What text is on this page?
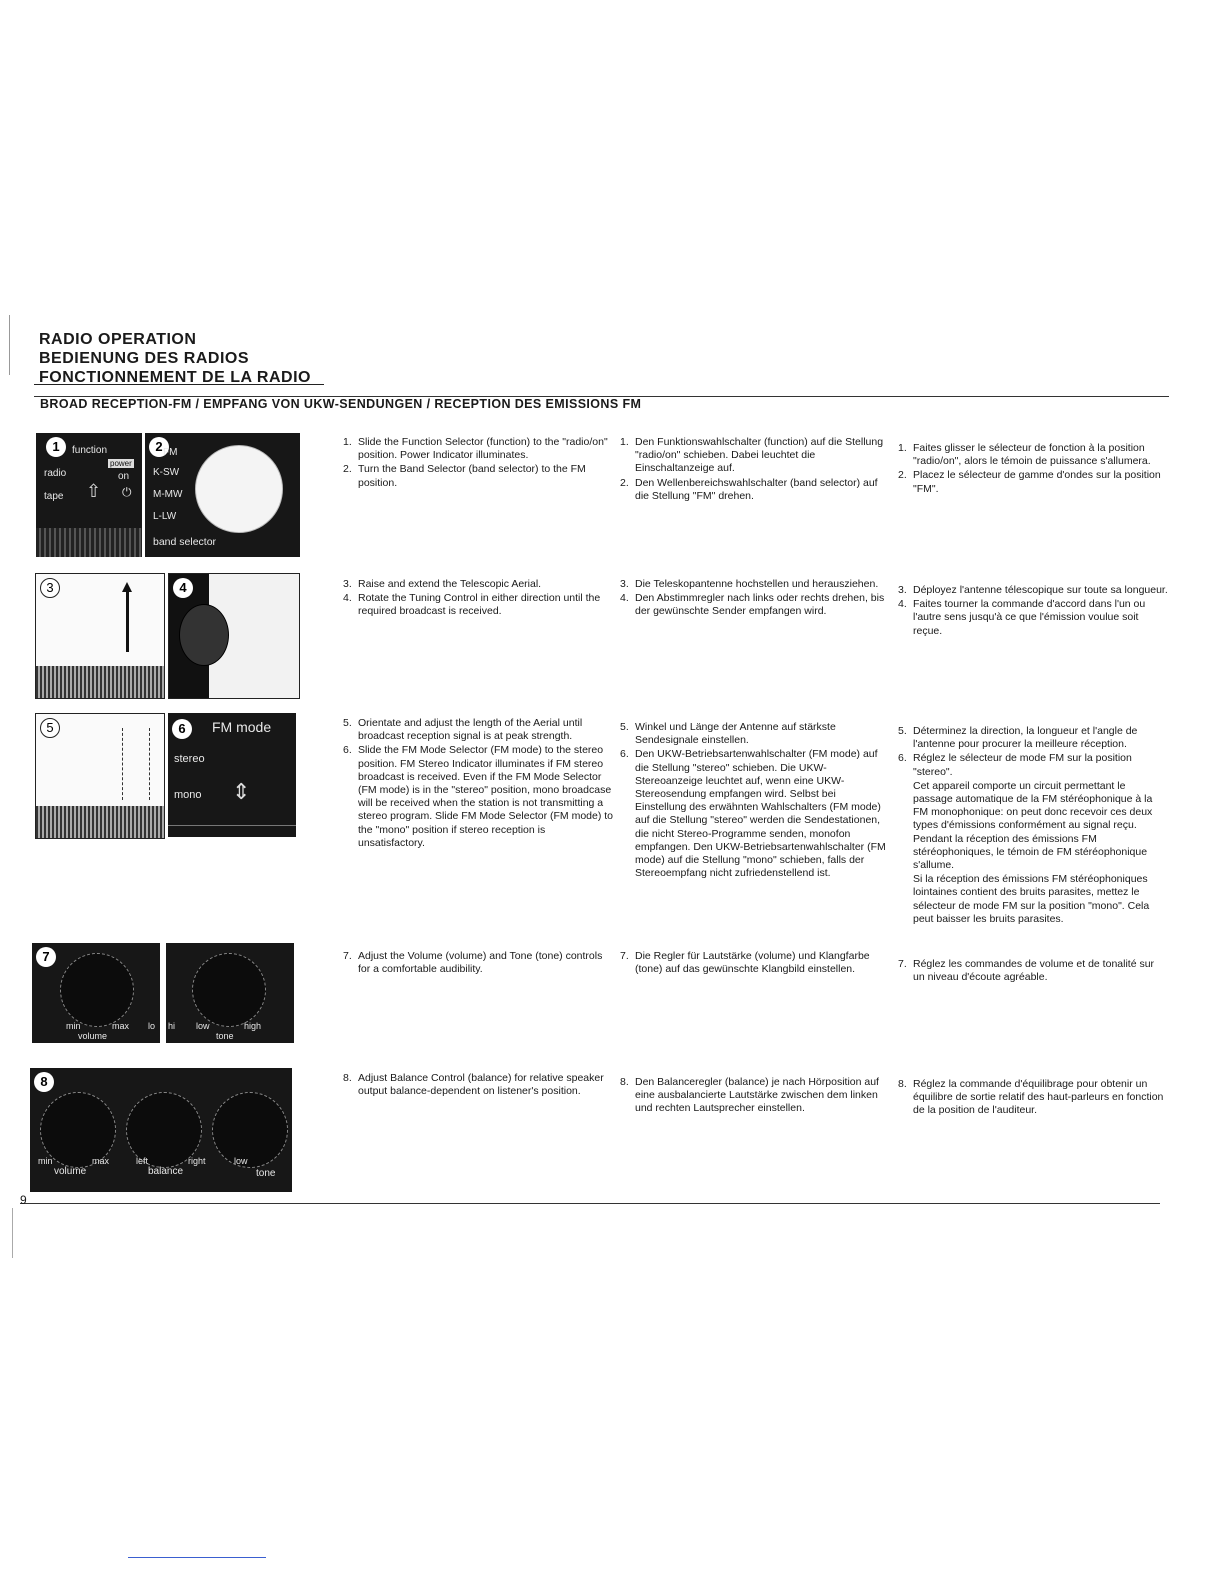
RADIO OPERATION
BEDIENUNG DES RADIOS
FONCTIONNEMENT DE LA RADIO
BROAD RECEPTION-FM / EMPFANG VON UKW-SENDUNGEN / RECEPTION DES EMISSIONS FM
1	function
radio
power
on
tape ⇧ ⏻
2 FM
K-SW
M-MW
L-LW
band selector
3	4
5	6	FM mode
stereo
mono ⇕
7
min	max
volume
lo hi low	high
tone
8
min	max
volume
left	right
balance
low
tone
1. Slide the Function Selector (function) to the "radio/on" position. Power Indicator illuminates.
2. Turn the Band Selector (band selector) to the FM position.
1. Den Funktionswahlschalter (function) auf die Stellung "radio/on" schieben. Dabei leuchtet die Einschaltanzeige auf.
2. Den Wellenbereichswahlschalter (band selector) auf die Stellung "FM" drehen.
1. Faites glisser le sélecteur de fonction à la position "radio/on", alors le témoin de puissance s'allumera.
2. Placez le sélecteur de gamme d'ondes sur la position "FM".
3. Raise and extend the Telescopic Aerial.
4. Rotate the Tuning Control in either direction until the required broadcast is received.
3. Die Teleskopantenne hochstellen und herausziehen.
4. Den Abstimmregler nach links oder rechts drehen, bis der gewünschte Sender empfangen wird.
3. Déployez l'antenne télescopique sur toute sa longueur.
4. Faites tourner la commande d'accord dans l'un ou l'autre sens jusqu'à ce que l'émission voulue soit reçue.
5. Orientate and adjust the length of the Aerial until broadcast reception signal is at peak strength.
6. Slide the FM Mode Selector (FM mode) to the stereo position. FM Stereo Indicator illuminates if FM stereo broadcast is received. Even if the FM Mode Selector (FM mode) is in the "stereo" position, mono broadcase will be received when the station is not transmitting a stereo program. Slide FM Mode Selector (FM mode) to the "mono" position if stereo reception is unsatisfactory.
5. Winkel und Länge der Antenne auf stärkste Sendesignale einstellen.
6. Den UKW-Betriebsartenwahlschalter (FM mode) auf die Stellung "stereo" schieben. Die UKW-Stereoanzeige leuchtet auf, wenn eine UKW-Stereosendung empfangen wird. Selbst bei Einstellung des erwähnten Wahlschalters (FM mode) auf die Stellung "stereo" werden die Sendestationen, die nicht Stereo-Programme senden, monofon empfangen. Den UKW-Betriebsartenwahlschalter (FM mode) auf die Stellung "mono" schieben, falls der Stereoempfang nicht zufriedenstellend ist.
5. Déterminez la direction, la longueur et l'angle de l'antenne pour procurer la meilleure réception.
6. Réglez le sélecteur de mode FM sur la position "stereo".
Cet appareil comporte un circuit permettant le passage automatique de la FM stéréophonique à la FM monophonique: on peut donc recevoir ces deux types d'émissions conformément au signal reçu. Pendant la réception des émissions FM stéréophoniques, le témoin de FM stéréophonique s'allume.
Si la réception des émissions FM stéréophoniques lointaines contient des bruits parasites, mettez le sélecteur de mode FM sur la position "mono". Cela peut baisser les bruits parasites.
7. Adjust the Volume (volume) and Tone (tone) controls for a comfortable audibility.
7. Die Regler für Lautstärke (volume) und Klangfarbe (tone) auf das gewünschte Klangbild einstellen.	7. Réglez les commandes de volume et de tonalité sur un niveau d'écoute agréable.
8. Adjust Balance Control (balance) for relative speaker output balance-dependent on listener's position.
8. Den Balanceregler (balance) je nach Hörposition auf eine ausbalancierte Lautstärke zwischen dem linken und rechten Lautsprecher einstellen.
8. Réglez la commande d'équilibrage pour obtenir un équilibre de sortie relatif des haut-parleurs en fonction de la position de l'auditeur.
9
